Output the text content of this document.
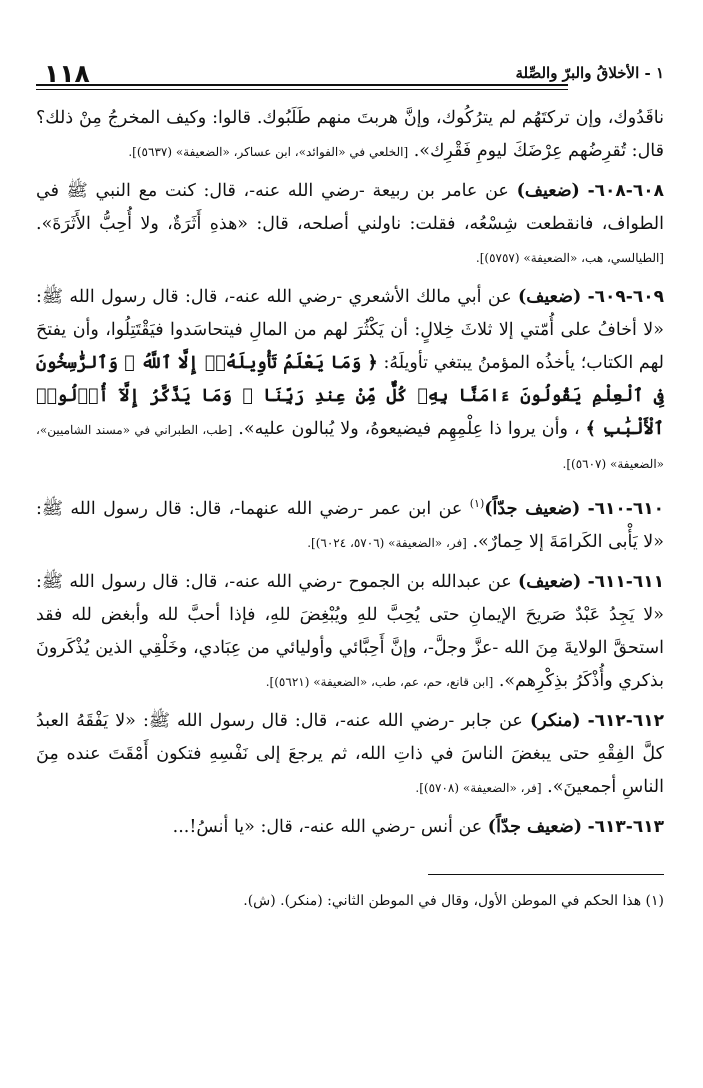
١ - الأخلاقُ والبرّ والصِّلة
١١٨

ناقَدُوك، وإن تركتَهُم لم يترُكُوك، وإنَّ هربتَ منهم طَلَبُوك. قالوا: وكيف المخرجُ مِنْ ذلك؟ قال: تُقرِضُهم عِرْضَكَ ليومِ فَقْرِك». [الخلعي في «الفوائد»، ابن عساكر، «الضعيفة» (٥٦٣٧)].

٦٠٨-٦٠٨- (ضعيف) عن عامر بن ربيعة -رضي الله عنه-، قال: كنت مع النبي ﷺ في الطواف، فانقطعت شِسْعُه، فقلت: ناولني أصلحه، قال: «هذهِ أَثَرَةٌ، ولا أُحِبُّ الأَثَرَةَ». [الطيالسي، هب، «الضعيفة» (٥٧٥٧)].

٦٠٩-٦٠٩- (ضعيف) عن أبي مالك الأشعري -رضي الله عنه-، قال: قال رسول الله ﷺ: «لا أخافُ على أُمّتي إلا ثلاثَ خِلالٍ: أن يَكْثُرَ لهم من المالِ فيتحاسَدوا فيَقْتَتِلُوا، وأن يفتحَ لهم الكتاب؛ يأخذُه المؤمنُ يبتغي تأويلَهُ: ﴿ وَمَا يَعْلَمُ تَأْوِيلَهُۥٓ إِلَّا ٱللَّهُ ۗ وَٱلرَّٰسِخُونَ فِى ٱلْعِلْمِ يَقُولُونَ ءَامَنَّا بِهِۦ كُلٌّ مِّنْ عِندِ رَبِّنَا ۗ وَمَا يَذَّكَّرُ إِلَّآ أُو۟لُوا۟ ٱلْأَلْبَٰبِ ﴾ ، وأن يروا ذا عِلْمِهِم فيضيعوهُ، ولا يُبالون عليه». [طب، الطبراني في «مسند الشاميين»، «الضعيفة» (٥٦٠٧)].

٦١٠-٦١٠- (ضعيف جدّاً)$^{(١)}$ عن ابن عمر -رضي الله عنهما-، قال: قال رسول الله ﷺ: «لا يَأْبى الكَرامَةَ إلا حِمارٌ». [فر، «الضعيفة» (٥٧٠٦، ٦٠٢٤)].

٦١١-٦١١- (ضعيف) عن عبدالله بن الجموح -رضي الله عنه-، قال: قال رسول الله ﷺ: «لا يَجِدُ عَبْدٌ صَريحَ الإيمانِ حتى يُحِبَّ للهِ ويُبْغِضَ للهِ، فإذا أحبَّ لله وأبغض لله فقد استحقَّ الولايةَ مِنَ الله -عزَّ وجلَّ-، وإنَّ أَحِبَّائي وأوليائي من عِبَادي، وخَلْقِي الذين يُذْكَرونَ بذكري وأُذْكَرُ بذِكْرِهم». [ابن قانع، حم، عم، طب، «الضعيفة» (٥٦٢١)].

٦١٢-٦١٢- (منكر) عن جابر -رضي الله عنه-، قال: قال رسول الله ﷺ: «لا يَفْقَهُ العبدُ كلَّ الفِقْهِ حتى يبغضَ الناسَ في ذاتِ الله، ثم يرجعَ إلى نَفْسِهِ فتكون أَمْقَتَ عنده مِنَ الناسِ أجمعينَ». [فر، «الضعيفة» (٥٧٠٨)].

٦١٣-٦١٣- (ضعيف جدّاً) عن أنس -رضي الله عنه-، قال: «يا أنسُ!...

(١) هذا الحكم في الموطن الأول، وقال في الموطن الثاني: (منكر). (ش).
